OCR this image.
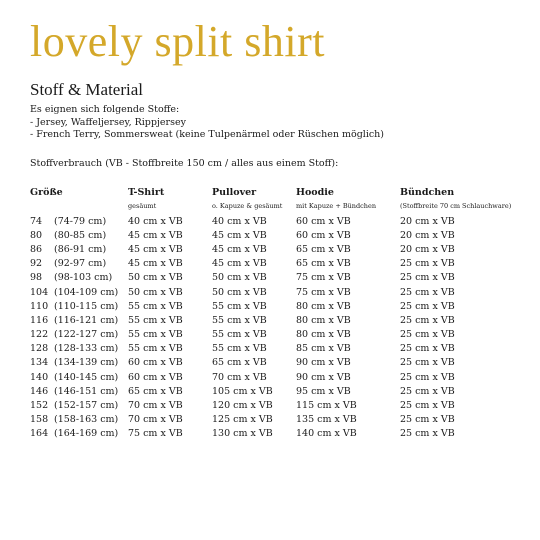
lovely split shirt
Stoff & Material
Es eignen sich folgende Stoffe:
- Jersey, Waffeljersey, Rippjersey
- French Terry, Sommersweat (keine Tulpenärmel oder Rüschen möglich)
Stoffverbrauch (VB - Stoffbreite 150 cm / alles aus einem Stoff):
Größe		T-Shirt	Pullover	Hoodie	Bündchen
		gesäumt	o. Kapuze & gesäumt	mit Kapuze + Bündchen	(Stoffbreite 70 cm Schlauchware)
74	(74-79 cm)	40 cm x VB	40 cm x VB	60 cm x VB	20 cm x VB
80	(80-85 cm)	45 cm x VB	45 cm x VB	60 cm x VB	20 cm x VB
86	(86-91 cm)	45 cm x VB	45 cm x VB	65 cm x VB	20 cm x VB
92	(92-97 cm)	45 cm x VB	45 cm x VB	65 cm x VB	25 cm x VB
98	(98-103 cm)	50 cm x VB	50 cm x VB	75 cm x VB	25 cm x VB
104	(104-109 cm)	50 cm x VB	50 cm x VB	75 cm x VB	25 cm x VB
110	(110-115 cm)	55 cm x VB	55 cm x VB	80 cm x VB	25 cm x VB
116	(116-121 cm)	55 cm x VB	55 cm x VB	80 cm x VB	25 cm x VB
122	(122-127 cm)	55 cm x VB	55 cm x VB	80 cm x VB	25 cm x VB
128	(128-133 cm)	55 cm x VB	55 cm x VB	85 cm x VB	25 cm x VB
134	(134-139 cm)	60 cm x VB	65 cm x VB	90 cm x VB	25 cm x VB
140	(140-145 cm)	60 cm x VB	70 cm x VB	90 cm x VB	25 cm x VB
146	(146-151 cm)	65 cm x VB	105 cm x VB	95 cm x VB	25 cm x VB
152	(152-157 cm)	70 cm x VB	120 cm x VB	115 cm x VB	25 cm x VB
158	(158-163 cm)	70 cm x VB	125 cm x VB	135 cm x VB	25 cm x VB
164	(164-169 cm)	75 cm x VB	130 cm x VB	140 cm x VB	25 cm x VB
